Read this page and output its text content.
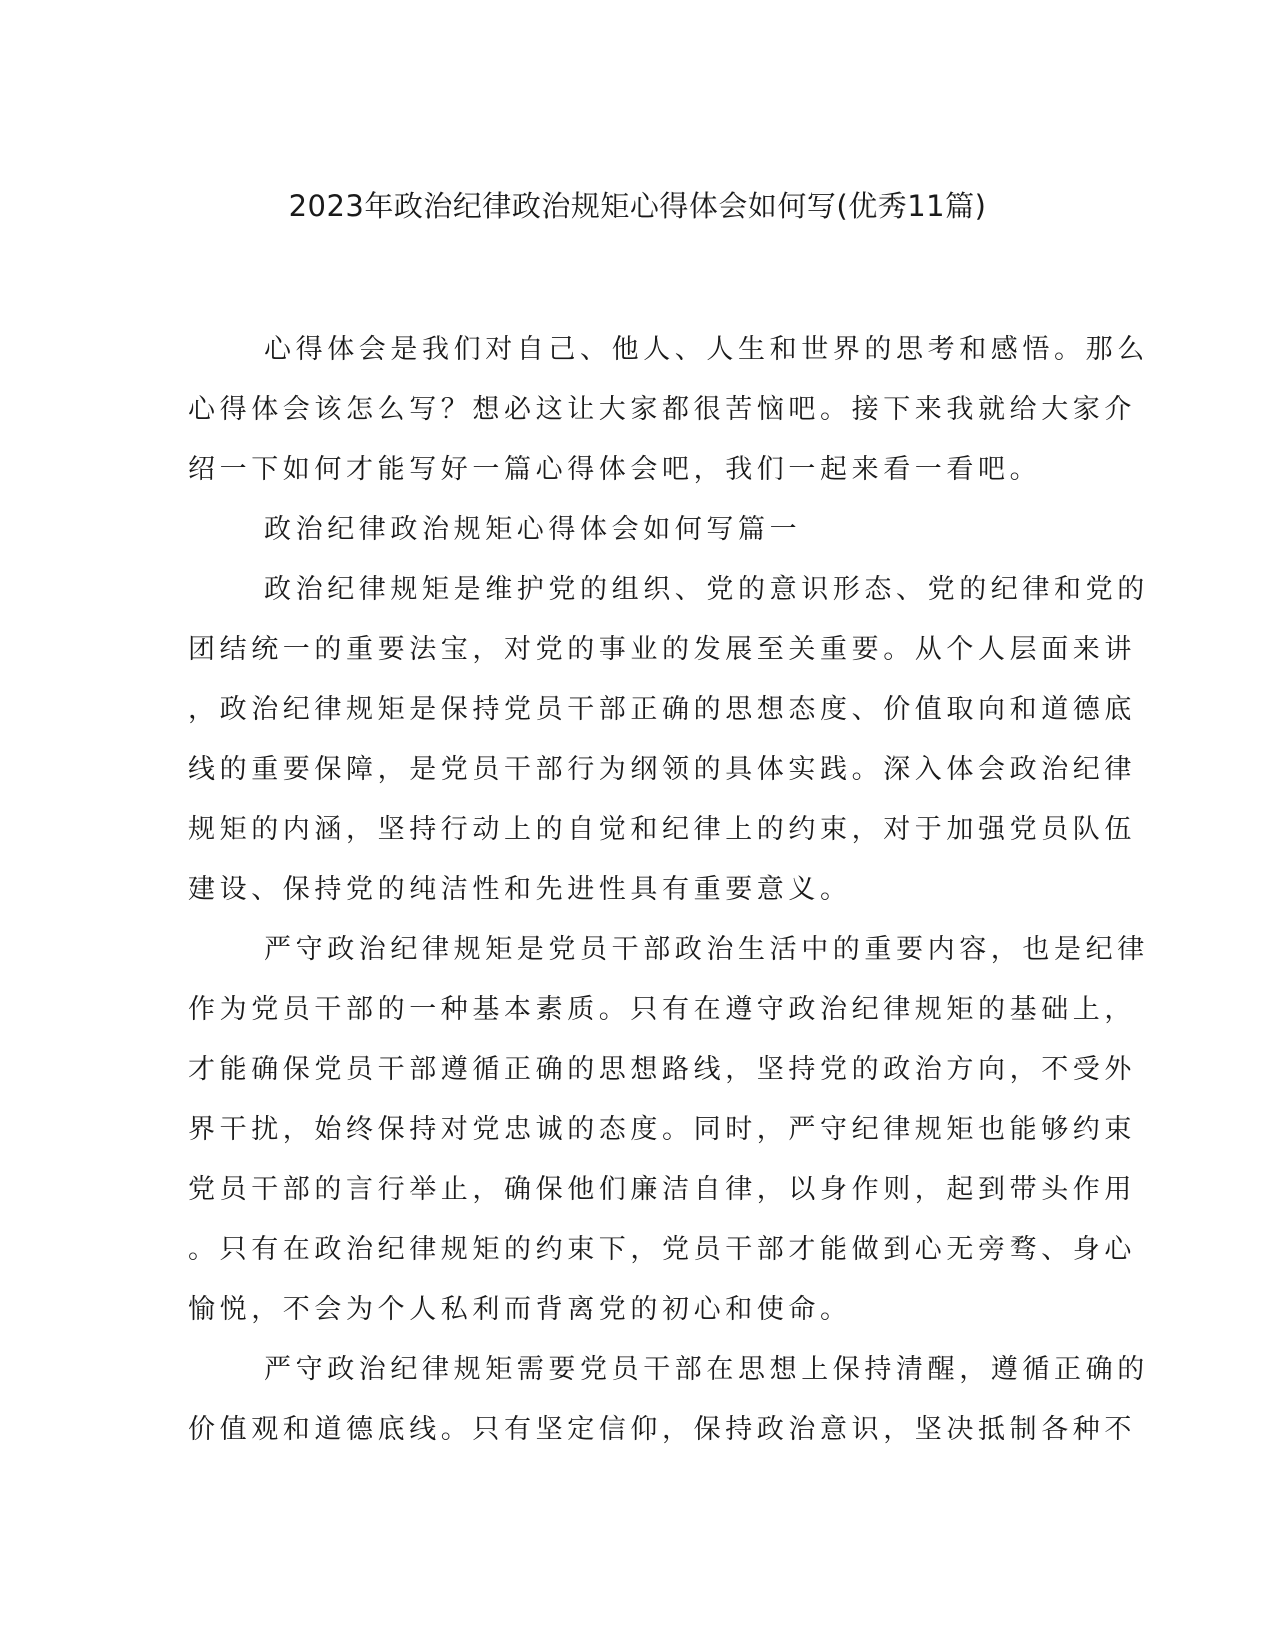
2023年政治纪律政治规矩心得体会如何写(优秀11篇)

心得体会是我们对自己、他人、人生和世界的思考和感悟。那么
心得体会该怎么写？想必这让大家都很苦恼吧。接下来我就给大家介
绍一下如何才能写好一篇心得体会吧，我们一起来看一看吧。

政治纪律政治规矩心得体会如何写篇一

政治纪律规矩是维护党的组织、党的意识形态、党的纪律和党的
团结统一的重要法宝，对党的事业的发展至关重要。从个人层面来讲
，政治纪律规矩是保持党员干部正确的思想态度、价值取向和道德底
线的重要保障，是党员干部行为纲领的具体实践。深入体会政治纪律
规矩的内涵，坚持行动上的自觉和纪律上的约束，对于加强党员队伍
建设、保持党的纯洁性和先进性具有重要意义。

严守政治纪律规矩是党员干部政治生活中的重要内容，也是纪律
作为党员干部的一种基本素质。只有在遵守政治纪律规矩的基础上，
才能确保党员干部遵循正确的思想路线，坚持党的政治方向，不受外
界干扰，始终保持对党忠诚的态度。同时，严守纪律规矩也能够约束
党员干部的言行举止，确保他们廉洁自律，以身作则，起到带头作用
。只有在政治纪律规矩的约束下，党员干部才能做到心无旁骛、身心
愉悦，不会为个人私利而背离党的初心和使命。

严守政治纪律规矩需要党员干部在思想上保持清醒，遵循正确的
价值观和道德底线。只有坚定信仰，保持政治意识，坚决抵制各种不
